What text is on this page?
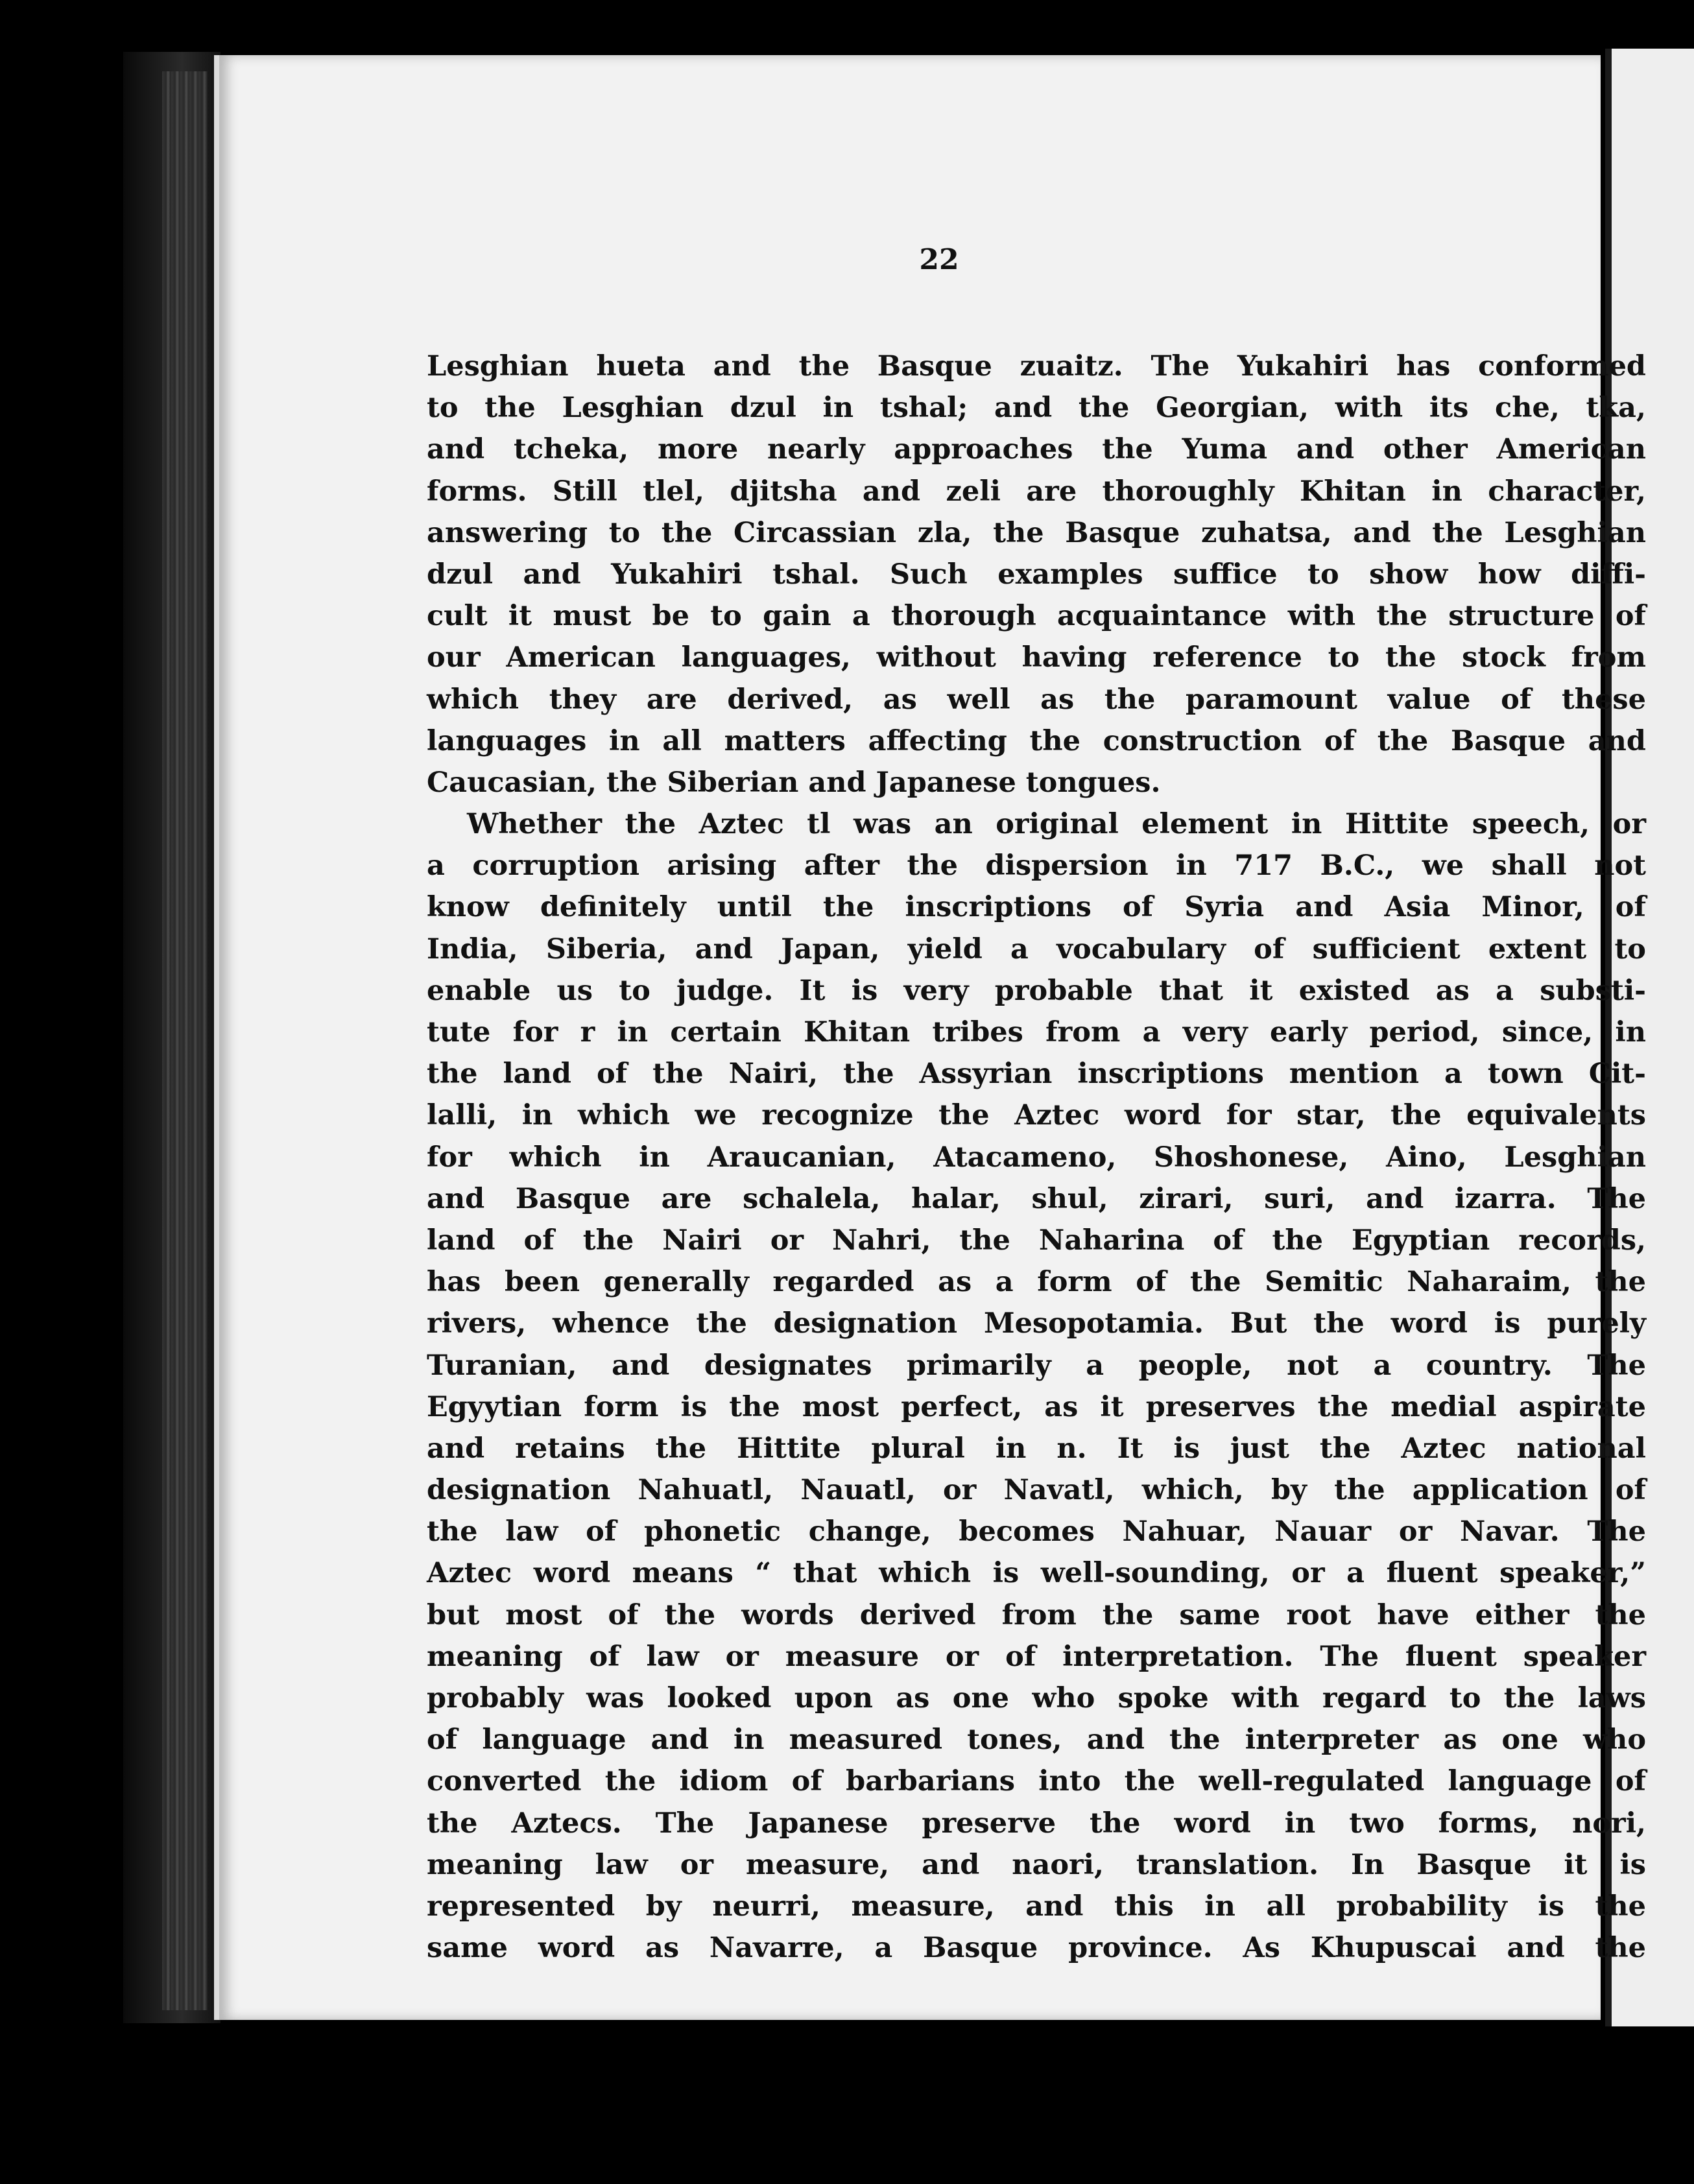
22
Lesghian hueta and the Basque zuaitz. The Yukahiri has conformed
to the Lesghian dzul in tshal; and the Georgian, with its che, tka,
and tcheka, more nearly approaches the Yuma and other American
forms. Still tlel, djitsha and zeli are thoroughly Khitan in character,
answering to the Circassian zla, the Basque zuhatsa, and the Lesghian
dzul and Yukahiri tshal. Such examples suffice to show how diffi-
cult it must be to gain a thorough acquaintance with the structure of
our American languages, without having reference to the stock from
which they are derived, as well as the paramount value of these
languages in all matters affecting the construction of the Basque and
Caucasian, the Siberian and Japanese tongues.
Whether the Aztec tl was an original element in Hittite speech, or
a corruption arising after the dispersion in 717 B.C., we shall not
know definitely until the inscriptions of Syria and Asia Minor, of
India, Siberia, and Japan, yield a vocabulary of sufficient extent to
enable us to judge. It is very probable that it existed as a substi-
tute for r in certain Khitan tribes from a very early period, since, in
the land of the Nairi, the Assyrian inscriptions mention a town Cit-
lalli, in which we recognize the Aztec word for star, the equivalents
for which in Araucanian, Atacameno, Shoshonese, Aino, Lesghian
and Basque are schalela, halar, shul, zirari, suri, and izarra. The
land of the Nairi or Nahri, the Naharina of the Egyptian records,
has been generally regarded as a form of the Semitic Naharaim, the
rivers, whence the designation Mesopotamia. But the word is purely
Turanian, and designates primarily a people, not a country. The
Egyytian form is the most perfect, as it preserves the medial aspirate
and retains the Hittite plural in n. It is just the Aztec national
designation Nahuatl, Nauatl, or Navatl, which, by the application of
the law of phonetic change, becomes Nahuar, Nauar or Navar. The
Aztec word means “ that which is well-sounding, or a fluent speaker,”
but most of the words derived from the same root have either the
meaning of law or measure or of interpretation. The fluent speaker
probably was looked upon as one who spoke with regard to the laws
of language and in measured tones, and the interpreter as one who
converted the idiom of barbarians into the well-regulated language of
the Aztecs. The Japanese preserve the word in two forms, nori,
meaning law or measure, and naori, translation. In Basque it is
represented by neurri, measure, and this in all probability is the
same word as Navarre, a Basque province. As Khupuscai and the
